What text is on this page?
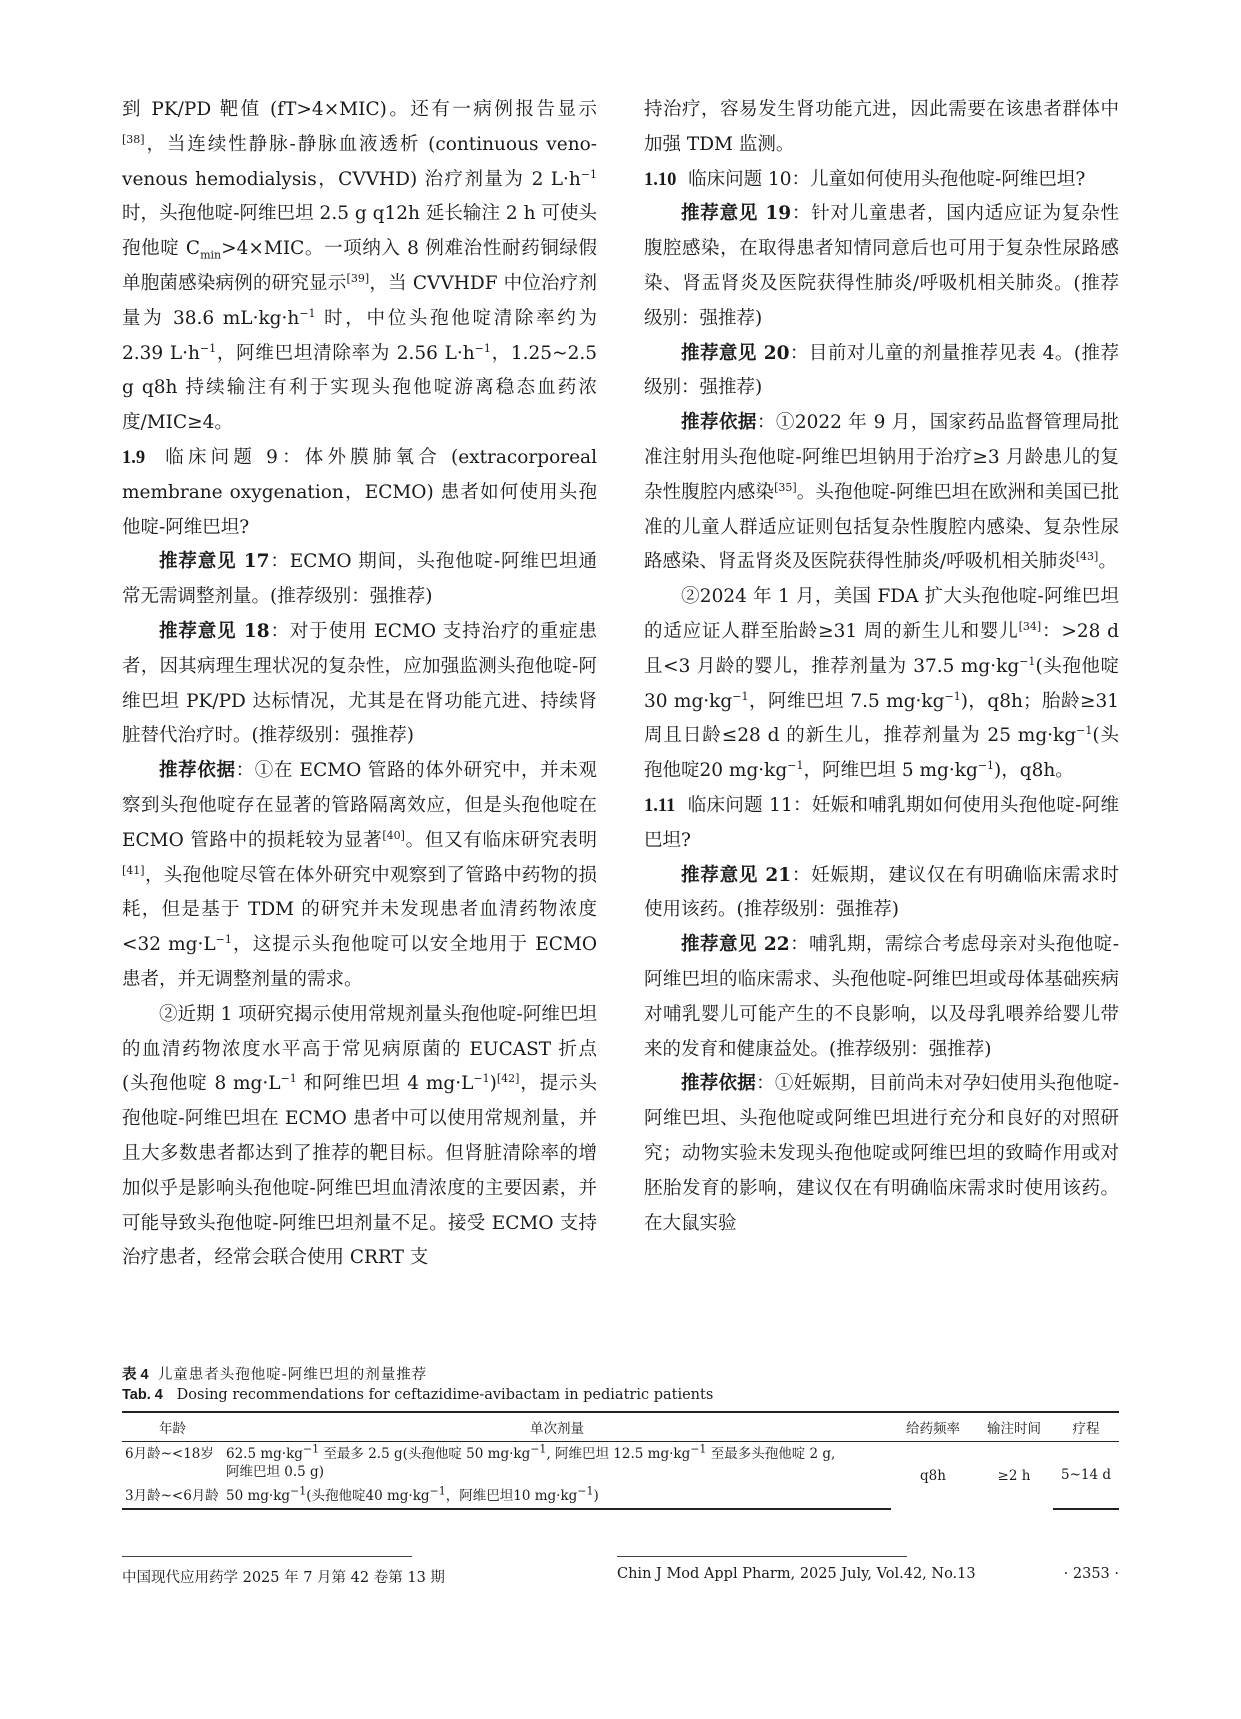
到 PK/PD 靶值 (fT>4×MIC)。还有一病例报告显示[38]，当连续性静脉-静脉血液透析 (continuous veno-venous hemodialysis，CVVHD) 治疗剂量为 2 $L\cdot h^{-1}$ 时，头孢他啶-阿维巴坦 2.5 g q12h 延长输注 2 h 可使头孢他啶 $C_{min}>4\times MIC$。一项纳入 8 例难治性耐药铜绿假单胞菌感染病例的研究显示[39]，当 CVVHDF 中位治疗剂量为 38.6 $mL\cdot kg\cdot h^{-1}$ 时，中位头孢他啶清除率约为 2.39 $L\cdot h^{-1}$，阿维巴坦清除率为 2.56 $L\cdot h^{-1}$，1.25~2.5 g q8h 持续输注有利于实现头孢他啶游离稳态血药浓度/MIC≥4。

1.9 临床问题 9：体外膜肺氧合 (extracorporeal membrane oxygenation，ECMO) 患者如何使用头孢他啶-阿维巴坦?

推荐意见 17：ECMO 期间，头孢他啶-阿维巴坦通常无需调整剂量。(推荐级别：强推荐)

推荐意见 18：对于使用 ECMO 支持治疗的重症患者，因其病理生理状况的复杂性，应加强监测头孢他啶-阿维巴坦 PK/PD 达标情况，尤其是在肾功能亢进、持续肾脏替代治疗时。(推荐级别：强推荐)

推荐依据：①在 ECMO 管路的体外研究中，并未观察到头孢他啶存在显著的管路隔离效应，但是头孢他啶在 ECMO 管路中的损耗较为显著[40]。但又有临床研究表明[41]，头孢他啶尽管在体外研究中观察到了管路中药物的损耗，但是基于 TDM 的研究并未发现患者血清药物浓度<32 $mg\cdot L^{-1}$，这提示头孢他啶可以安全地用于 ECMO 患者，并无调整剂量的需求。

②近期 1 项研究揭示使用常规剂量头孢他啶-阿维巴坦的血清药物浓度水平高于常见病原菌的 EUCAST 折点 (头孢他啶 8 $mg\cdot L^{-1}$ 和阿维巴坦 4 $mg\cdot L^{-1})[42]$，提示头孢他啶-阿维巴坦在 ECMO 患者中可以使用常规剂量，并且大多数患者都达到了推荐的靶目标。但肾脏清除率的增加似乎是影响头孢他啶-阿维巴坦血清浓度的主要因素，并可能导致头孢他啶-阿维巴坦剂量不足。接受 ECMO 支持治疗患者，经常会联合使用 CRRT 支

持治疗，容易发生肾功能亢进，因此需要在该患者群体中加强 TDM 监测。

1.10 临床问题 10：儿童如何使用头孢他啶-阿维巴坦?

推荐意见 19：针对儿童患者，国内适应证为复杂性腹腔感染，在取得患者知情同意后也可用于复杂性尿路感染、肾盂肾炎及医院获得性肺炎/呼吸机相关肺炎。(推荐级别：强推荐)

推荐意见 20：目前对儿童的剂量推荐见表 4。(推荐级别：强推荐)

推荐依据：①2022 年 9 月，国家药品监督管理局批准注射用头孢他啶-阿维巴坦钠用于治疗≥3 月龄患儿的复杂性腹腔内感染[35]。头孢他啶-阿维巴坦在欧洲和美国已批准的儿童人群适应证则包括复杂性腹腔内感染、复杂性尿路感染、肾盂肾炎及医院获得性肺炎/呼吸机相关肺炎[43]。

②2024 年 1 月，美国 FDA 扩大头孢他啶-阿维巴坦的适应证人群至胎龄≥31 周的新生儿和婴儿[34]：>28 d 且<3 月龄的婴儿，推荐剂量为 37.5 $mg\cdot kg^{-1}$(头孢他啶 30 $mg\cdot kg^{-1}$，阿维巴坦 7.5 $mg\cdot kg^{-1}$)，q8h；胎龄≥31 周且日龄≤28 d 的新生儿，推荐剂量为 25 $mg\cdot kg^{-1}$(头孢他啶20 $mg\cdot kg^{-1}$，阿维巴坦 5 $mg\cdot kg^{-1}$)，q8h。

1.11 临床问题 11：妊娠和哺乳期如何使用头孢他啶-阿维巴坦?

推荐意见 21：妊娠期，建议仅在有明确临床需求时使用该药。(推荐级别：强推荐)

推荐意见 22：哺乳期，需综合考虑母亲对头孢他啶-阿维巴坦的临床需求、头孢他啶-阿维巴坦或母体基础疾病对哺乳婴儿可能产生的不良影响，以及母乳喂养给婴儿带来的发育和健康益处。(推荐级别：强推荐)

推荐依据：①妊娠期，目前尚未对孕妇使用头孢他啶-阿维巴坦、头孢他啶或阿维巴坦进行充分和良好的对照研究；动物实验未发现头孢他啶或阿维巴坦的致畸作用或对胚胎发育的影响，建议仅在有明确临床需求时使用该药。在大鼠实验

表 4 儿童患者头孢他啶-阿维巴坦的剂量推荐
Tab. 4 Dosing recommendations for ceftazidime-avibactam in pediatric patients
年龄	单次剂量	给药频率	输注时间	疗程
6月龄~<18岁	62.5 $mg\cdot kg^{-1}$ 至最多 2.5 g(头孢他啶 50 $mg\cdot kg^{-1}$, 阿维巴坦 12.5 $mg\cdot kg^{-1}$ 至最多头孢他啶 2 g,
阿维巴坦 0.5 g)	q8h	≥2 h	5~14 d
3月龄~<6月龄	50 $mg\cdot kg^{-1}$(头孢他啶40 $mg\cdot kg^{-1}$，阿维巴坦10 $mg\cdot kg^{-1}$)			
中国现代应用药学 2025 年 7 月第 42 卷第 13 期	Chin J Mod Appl Pharm, 2025 July, Vol.42, No.13	· 2353 ·
